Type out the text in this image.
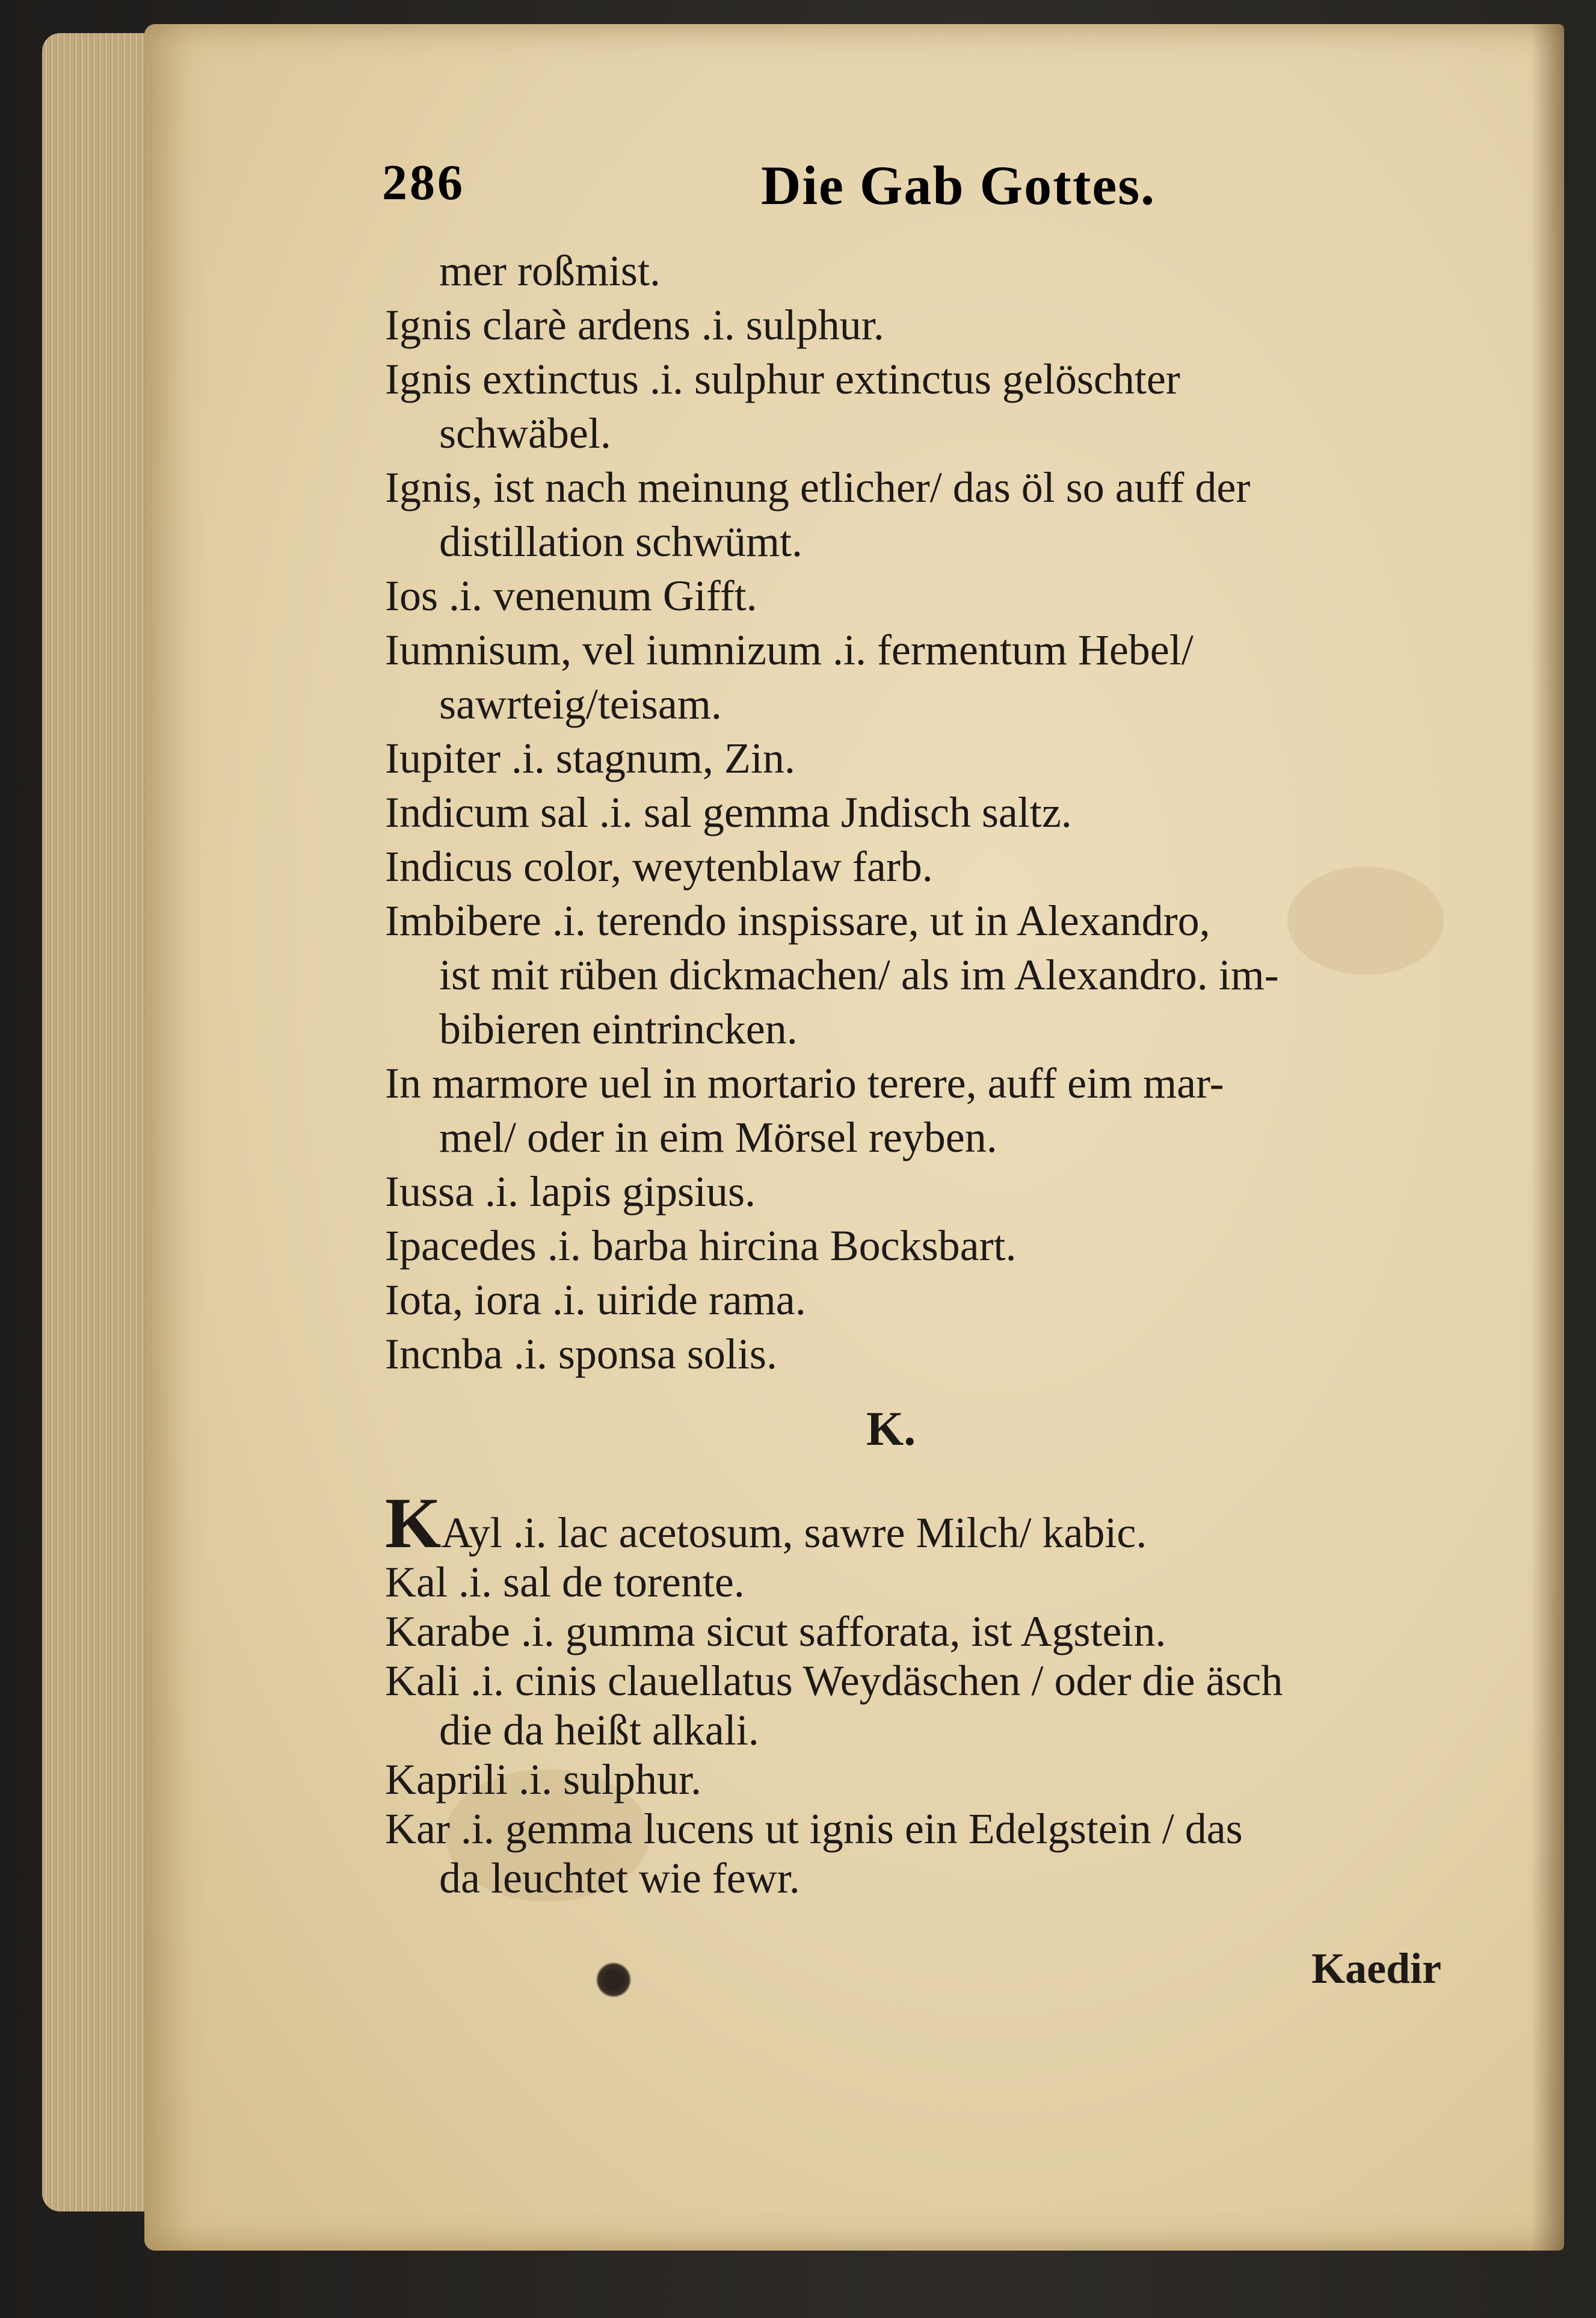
286	Die Gab Gottes.
mer roßmist.
Ignis clarè ardens .i. sulphur.
Ignis extinctus .i. sulphur extinctus gelöschter
schwäbel.
Ignis, ist nach meinung etlicher/ das öl so auff der
distillation schwümt.
Ios .i. venenum Gifft.
Iumnisum, vel iumnizum .i. fermentum Hebel/
sawrteig/teisam.
Iupiter .i. stagnum, Zin.
Indicum sal .i. sal gemma Jndisch saltz.
Indicus color, weytenblaw farb.
Imbibere .i. terendo inspissare, ut in Alexandro,
ist mit rüben dickmachen/ als im Alexandro. im-
bibieren eintrincken.
In marmore uel in mortario terere, auff eim mar-
mel/ oder in eim Mörsel reyben.
Iussa .i. lapis gipsius.
Ipacedes .i. barba hircina Bocksbart.
Iota, iora .i. uiride rama.
Incnba .i. sponsa solis.
K.
KAyl .i. lac acetosum, sawre Milch/ kabic.
Kal .i. sal de torente.
Karabe .i. gumma sicut safforata, ist Agstein.
Kali .i. cinis clauellatus Weydäschen / oder die äsch
die da heißt alkali.
Kaprili .i. sulphur.
Kar .i. gemma lucens ut ignis ein Edelgstein / das
da leuchtet wie fewr.
Kaedir
